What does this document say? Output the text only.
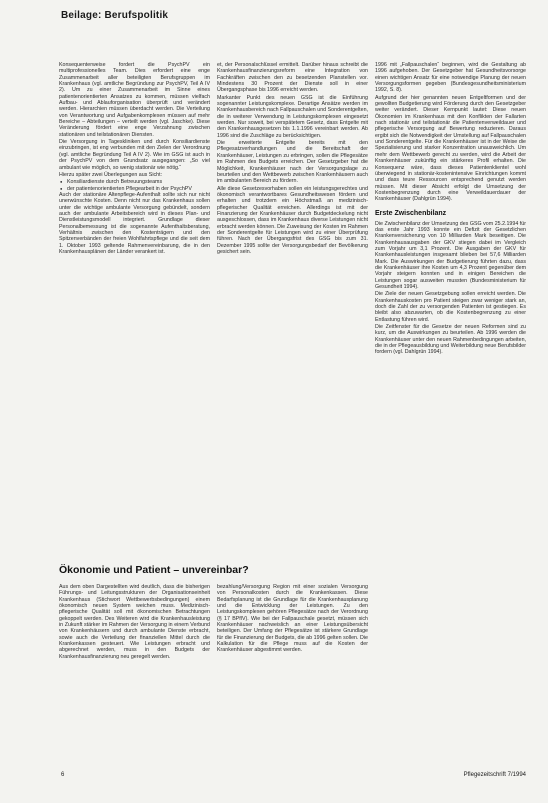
Beilage: Berufspolitik

Konsequenterweise fordert die PsychPV ein multiprofessionelles Team. Dies erfordert eine enge Zusammenarbeit aller beteiligten Berufsgruppen im Krankenhaus (vgl. amtliche Begründung zur PsychPV, Teil A IV 2). Um zu einer Zusammenarbeit im Sinne eines patientenorientierten Ansatzes zu kommen, müssen vielfach Aufbau- und Ablauforganisation überprüft und verändert werden. Hierarchien müssen überdacht werden. Die Verteilung von Verantwortung und Aufgabenkomplexen müssen auf mehr Bereiche – Abteilungen – verteilt werden (vgl. Jaschke). Diese Veränderung fördert eine enge Verzahnung zwischen stationären und teilstationären Diensten.

Die Versorgung in Tageskliniken und durch Konsiliardienste einzubringen, ist eng verbunden mit den Zielen der Verordnung (vgl. amtliche Begründung Teil A IV 2). Wie im GSG ist auch in der PsychPV von dem Grundsatz ausgegangen: „So viel ambulant wie möglich, so wenig stationär wie nötig.“

Hierzu später zwei Überlegungen aus Sicht:

● Konsiliardienste durch Betreuungsteams
● der patientenorientierten Pflegearbeit in der PsychPV

Auch der stationäre Altenpflege-Aufenthalt sollte sich nur nicht unerwünschte Kosten. Denn nicht nur das Krankenhaus sollen unter die wichtige ambulante Versorgung gebündelt, sondern auch der ambulante Arbeitsbereich wird in dieses Plan- und Dienstleistungsmodell integriert. Grundlage dieser Personalbemessung ist die sogenannte Aufenthaltsberatung, Verhältnis zwischen den Kostenträgern und den Spitzenverbänden der freien Wohlfahrtspflege und die seit dem 1. Oktober 1993 geltende Rahmenvereinbarung, die in den Krankenhausplänen der Länder verankert ist.

et, der Personalschlüssel ermittelt. Darüber hinaus schreibt die Krankenhausfinanzierungsreform eine Integration von Fachkräften zwischen den zu besetzenden Planstellen vor. Mindestens 30 Prozent der Dienste soll in einer Übergangsphase bis 1996 erreicht werden.

Markanter Punkt des neuen GSG ist die Einführung sogenannter Leistungskomplexe. Derartige Ansätze werden im Krankenhausbereich nach Fallpauschalen und Sonderentgelten, die in weiterer Verwendung in Leistungskomplexen eingesetzt werden. Nur soweit, bei verspätetem Gesetz, dass Entgelte mit den Krankenhausgesetzen bis 1.1.1996 vereinbart werden. Ab 1996 sind die Zuschläge zu berücksichtigen.

Die erweiterte Entgelte bereits mit den Pflegesatzverhandlungen und die Bereitschaft der Krankenhäuser, Leistungen zu erbringen, sollen die Pflegesätze im Rahmen des Budgets erreichen. Der Gesetzgeber hat die Möglichkeit, Krankenhäuser nach der Versorgungslage zu beurteilen und den Wettbewerb zwischen Krankenhäusern auch im ambulanten Bereich zu fördern.

Alle diese Gesetzesvorhaben sollen ein leistungsgerechtes und ökonomisch verantwortbares Gesundheitswesen fördern und erhalten und trotzdem ein Höchstmaß an medizinisch-pflegerischer Qualität erreichen. Allerdings ist mit der Finanzierung der Krankenhäuser durch Budgetdeckelung nicht ausgeschlossen, dass im Krankenhaus diverse Leistungen nicht erbracht werden können. Die Zuweisung der Kosten im Rahmen der Sonderentgelte für Leistungen wird zu einer Überprüfung führen. Nach der Übergangsfrist des GSG bis zum 31. Dezember 1995 sollte der Versorgungsbedarf der Bevölkerung gesichert sein.

1996 mit „Fallpauschalen“ beginnen, wird die Gestaltung ab 1996 aufgehoben. Der Gesetzgeber hat Gesundheitsvorsorge einen wichtigen Ansatz für eine notwendige Planung der neuen Versorgungsformen gegeben (Bundesgesundheitsministerium 1992, S. 8).

Aufgrund der hier genannten neuen Entgeltformen und der gewollten Budgetierung wird Förderung durch den Gesetzgeber weiter verändert. Dieser Kernpunkt lautet: Diese neuen Ökonomien im Krankenhaus mit den Konflikten der Fallarten nach stationär und teilstationär die Patientenverweildauer und pflegerische Versorgung auf Bewertung reduzieren. Daraus ergibt sich die Notwendigkeit der Umstellung auf Fallpauschalen und Sonderentgelte. Für die Krankenhäuser ist in der Weise die Spezialisierung und starker Konzentration unausweichlich. Um mehr dem Wettbewerb gerecht zu werden, wird die Arbeit der Krankenhäuser zukünftig ein stärkeres Profil erhalten. Die Konsequenz wäre, dass dieses Patientenklientel wohl überwiegend in stationär-kostenintensive Einrichtungen kommt und dass teure Ressourcen entsprechend genutzt werden müssen. Mit dieser Absicht erfolgt die Umsetzung der Kostenbegrenzung durch eine Verweildauerdauer der Krankenhäuser (Dahlgrün 1994).

Erste Zwischenbilanz

Die Zwischenbilanz der Umsetzung des GSG vom 25.2.1994 für das erste Jahr 1993 konnte ein Defizit der Gesetzlichen Krankenversicherung von 10 Milliarden Mark beseitigen. Die Krankenhausausgaben der GKV stiegen dabei im Vergleich zum Vorjahr um 3,1 Prozent. Die Ausgaben der GKV für Krankenhausleistungen insgesamt blieben bei 57,6 Milliarden Mark. Die Auswirkungen der Budgetierung führten dazu, dass die Krankenhäuser ihre Kosten um 4,3 Prozent gegenüber dem Vorjahr steigern konnten und in einigen Bereichen die Leistungen sogar ausweiten mussten (Bundesministerium für Gesundheit 1994).

Die Ziele der neuen Gesetzgebung sollen erreicht werden. Die Krankenhauskosten pro Patient steigen zwar weniger stark an, doch die Zahl der zu versorgenden Patienten ist gestiegen. Es bleibt also abzuwarten, ob die Kostenbegrenzung zu einer Entlastung führen wird.

Die Zeitfenster für die Gesetze der neuen Reformen sind zu kurz, um die Auswirkungen zu beurteilen. Ab 1996 werden die Krankenhäuser unter den neuen Rahmenbedingungen arbeiten, die in der Pflegeausbildung und Weiterbildung neue Berufsbilder fordern (vgl. Dahlgrün 1994).

Ökonomie und Patient – unvereinbar?

Aus dem oben Dargestellten wird deutlich, dass die bisherigen Führungs- und Leitungsstrukturen der Organisationseinheit Krankenhaus (Stichwort Wettbewerbsbedingungen) einem ökonomisch neuen System weichen muss. Medizinisch-pflegerische Qualität soll mit ökonomischen Betrachtungen gekoppelt werden. Des Weiteren wird die Krankenhausleistung in Zukunft stärker im Rahmen der Versorgung in einem Verbund von Krankenhäusern und durch ambulante Dienste erbracht, sowie auch die Verteilung der finanziellen Mittel durch die Krankenkassen gesteuert. Wie Leistungen erbracht und abgerechnet werden, muss in den Budgets der Krankenhausfinanzierung neu geregelt werden.

bezahlung/Versorgung Region mit einer sozialen Versorgung von Personalkosten durch die Krankenkassen. Diese Bedarfsplanung ist die Grundlage für die Krankenhausplanung und die Entwicklung der Leistungen. Zu den Leistungskomplexen gehören Pflegesätze nach der Verordnung (§ 17 BPflV). Wie bei der Fallpauschale gesetzt, müssen sich Krankenhäuser nachweislich an einer Leistungsübersicht beteiligen. Der Umfang der Pflegesätze ist stärkere Grundlage für die Finanzierung der Budgets, die ab 1996 gelten sollen. Die Kalkulation für die Pflege muss auf die Kosten der Krankenhäuser abgestimmt werden.

6	Pflegezeitschrift 7/1994
